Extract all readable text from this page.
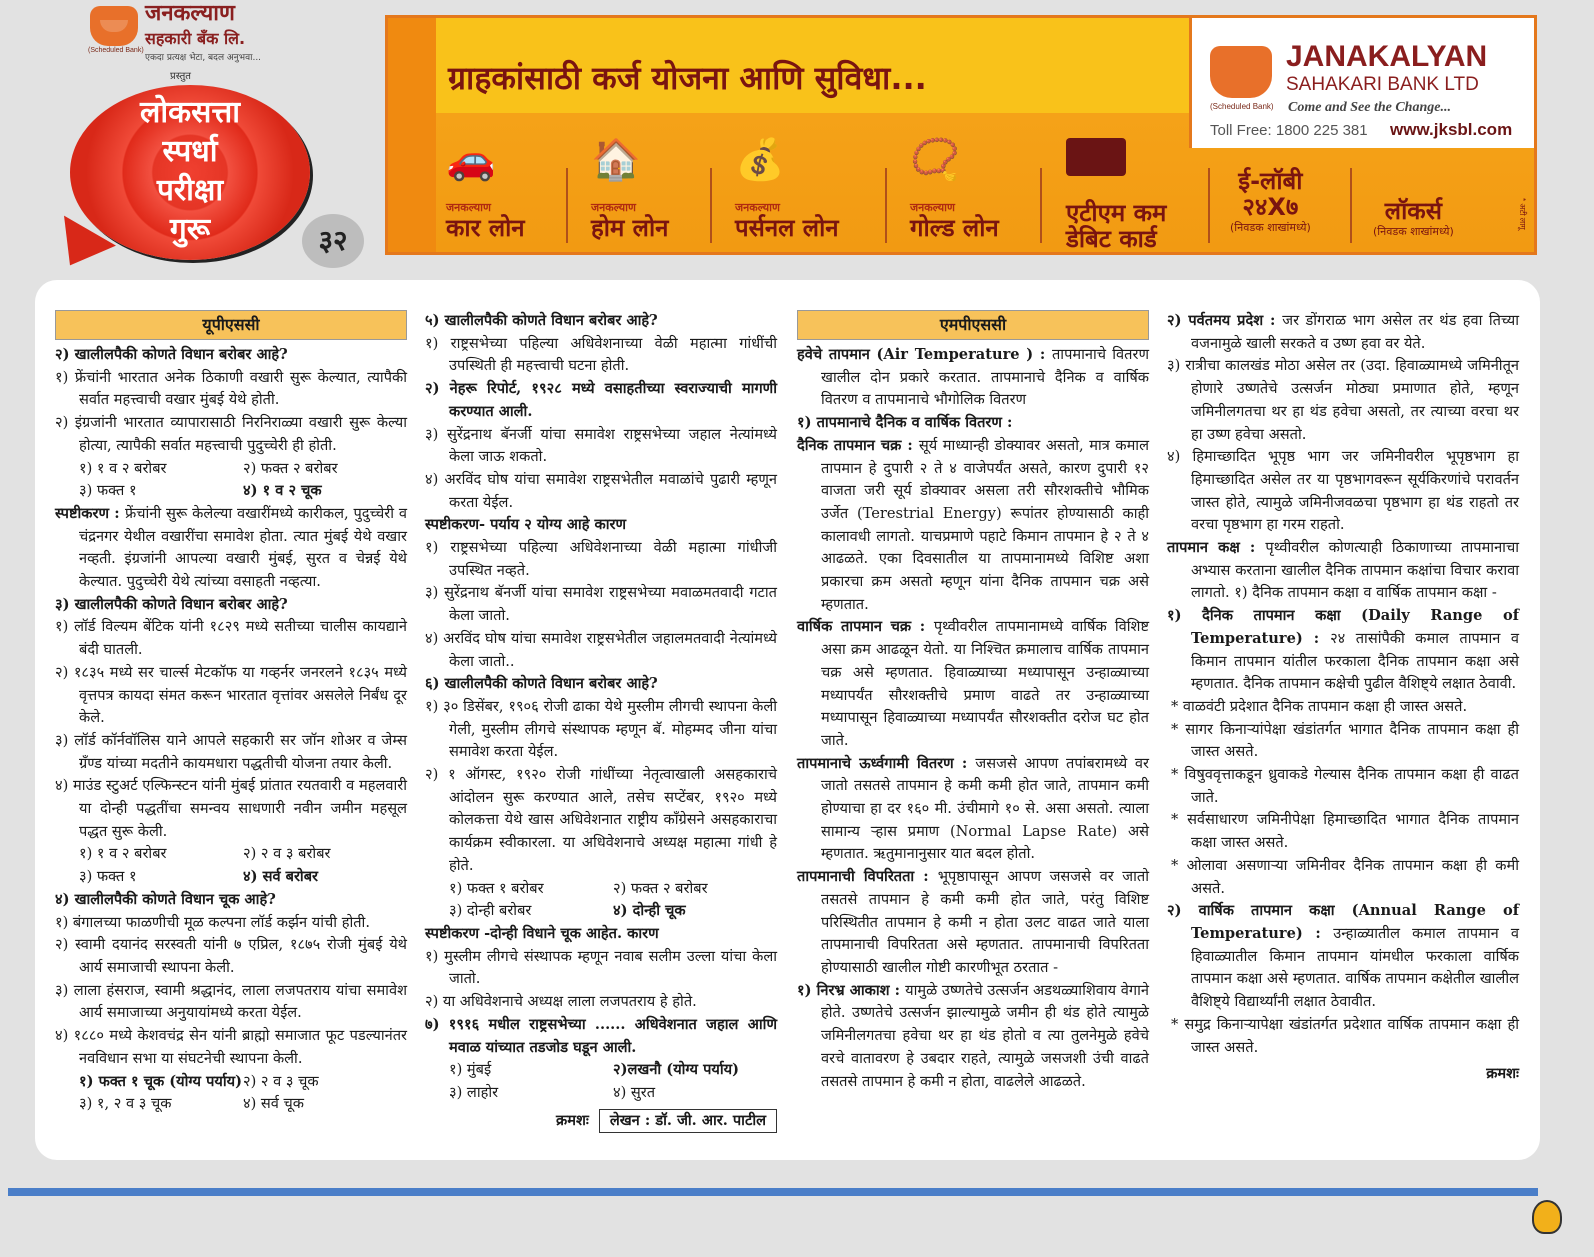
(Scheduled Bank)
जनकल्याण
सहकारी बँक लि.
एकदा प्रत्यक्ष भेटा, बदल अनुभवा...
प्रस्तुत
लोकसत्ता
स्पर्धा
परीक्षा
गुरू	३२
ग्राहकांसाठी कर्ज योजना आणि सुविधा...
(Scheduled Bank)
JANAKALYAN
SAHAKARI BANK LTD
Come and See the Change...
Toll Free: 1800 225 381 www.jksbl.com
🚗
जनकल्याण
कार लोन
🏠
जनकल्याण
होम लोन
💰
जनकल्याण
पर्सनल लोन
📿
जनकल्याण
गोल्ड लोन
एटीएम कम डेबिट कार्ड
ई-लॉबी
२४X७
(निवडक शाखांमध्ये)
लॉकर्स
(निवडक शाखांमध्ये)
* अटी लागू
यूपीएससी
२) खालीलपैकी कोणते विधान बरोबर आहे?
१) फ्रेंचांनी भारतात अनेक ठिकाणी वखारी सुरू केल्यात, त्यापैकी सर्वात महत्त्वाची वखार मुंबई येथे होती.
२) इंग्रजांनी भारतात व्यापारासाठी निरनिराळ्या वखारी सुरू केल्या होत्या, त्यापैकी सर्वात महत्त्वाची पुदुच्चेरी ही होती.
१) १ व २ बरोबर	२) फक्त २ बरोबर
३) फक्त १	४) १ व २ चूक
स्पष्टीकरण : फ्रेंचांनी सुरू केलेल्या वखारींमध्ये कारीकल, पुदुच्चेरी व चंद्रनगर येथील वखारींचा समावेश होता. त्यात मुंबई येथे वखार नव्हती. इंग्रजांनी आपल्या वखारी मुंबई, सुरत व चेन्नई येथे केल्यात. पुदुच्चेरी येथे त्यांच्या वसाहती नव्हत्या.
३) खालीलपैकी कोणते विधान बरोबर आहे?
१) लॉर्ड विल्यम बेंटिक यांनी १८२९ मध्ये सतीच्या चालीस कायद्याने बंदी घातली.
२) १८३५ मध्ये सर चार्ल्स मेटकॉफ या गव्हर्नर जनरलने १८३५ मध्ये वृत्तपत्र कायदा संमत करून भारतात वृत्तांवर असलेले निर्बंध दूर केले.
३) लॉर्ड कॉर्नवॉलिस याने आपले सहकारी सर जॉन शोअर व जेम्स ग्रँण्ड यांच्या मदतीने कायमधारा पद्धतीची योजना तयार केली.
४) माउंड स्टुअर्ट एल्फिन्स्टन यांनी मुंबई प्रांतात रयतवारी व महलवारी या दोन्ही पद्धतींचा समन्वय साधणारी नवीन जमीन महसूल पद्धत सुरू केली.
१) १ व २ बरोबर	२) २ व ३ बरोबर
३) फक्त १	४) सर्व बरोबर
४) खालीलपैकी कोणते विधान चूक आहे?
१) बंगालच्या फाळणीची मूळ कल्पना लॉर्ड कर्झन यांची होती.
२) स्वामी दयानंद सरस्वती यांनी ७ एप्रिल, १८७५ रोजी मुंबई येथे आर्य समाजाची स्थापना केली.
३) लाला हंसराज, स्वामी श्रद्धानंद, लाला लजपतराय यांचा समावेश आर्य समाजाच्या अनुयायांमध्ये करता येईल.
४) १८८० मध्ये केशवचंद्र सेन यांनी ब्राह्मो समाजात फूट पडल्यानंतर नवविधान सभा या संघटनेची स्थापना केली.
१) फक्त १ चूक (योग्य पर्याय) २) २ व ३ चूक
३) १, २ व ३ चूक	४) सर्व चूक
५) खालीलपैकी कोणते विधान बरोबर आहे?
१) राष्ट्रसभेच्या पहिल्या अधिवेशनाच्या वेळी महात्मा गांधींची उपस्थिती ही महत्त्वाची घटना होती.
२) नेहरू रिपोर्ट, १९२८ मध्ये वसाहतीच्या स्वराज्याची मागणी करण्यात आली.
३) सुरेंद्रनाथ बॅनर्जी यांचा समावेश राष्ट्रसभेच्या जहाल नेत्यांमध्ये केला जाऊ शकतो.
४) अरविंद घोष यांचा समावेश राष्ट्रसभेतील मवाळांचे पुढारी म्हणून करता येईल.
स्पष्टीकरण- पर्याय २ योग्य आहे कारण
१) राष्ट्रसभेच्या पहिल्या अधिवेशनाच्या वेळी महात्मा गांधीजी उपस्थित नव्हते.
३) सुरेंद्रनाथ बॅनर्जी यांचा समावेश राष्ट्रसभेच्या मवाळमतवादी गटात केला जातो.
४) अरविंद घोष यांचा समावेश राष्ट्रसभेतील जहालमतवादी नेत्यांमध्ये केला जातो..
६) खालीलपैकी कोणते विधान बरोबर आहे?
१) ३० डिसेंबर, १९०६ रोजी ढाका येथे मुस्लीम लीगची स्थापना केली गेली, मुस्लीम लीगचे संस्थापक म्हणून बॅ. मोहम्मद जीना यांचा समावेश करता येईल.
२) १ ऑगस्ट, १९२० रोजी गांधींच्या नेतृत्वाखाली असहकाराचे आंदोलन सुरू करण्यात आले, तसेच सप्टेंबर, १९२० मध्ये कोलकत्ता येथे खास अधिवेशनात राष्ट्रीय काँग्रेसने असहकाराचा कार्यक्रम स्वीकारला. या अधिवेशनाचे अध्यक्ष महात्मा गांधी हे होते.
१) फक्त १ बरोबर	२) फक्त २ बरोबर
३) दोन्ही बरोबर	४) दोन्ही चूक
स्पष्टीकरण -दोन्ही विधाने चूक आहेत. कारण
१) मुस्लीम लीगचे संस्थापक म्हणून नवाब सलीम उल्ला यांचा केला जातो.
२) या अधिवेशनाचे अध्यक्ष लाला लजपतराय हे होते.
७) १९१६ मधील राष्ट्रसभेच्या ...... अधिवेशनात जहाल आणि मवाळ यांच्यात तडजोड घडून आली.
१) मुंबई	२)लखनौ (योग्य पर्याय)
३) लाहोर	४) सुरत
क्रमशः	लेखन : डॉ. जी. आर. पाटील
एमपीएससी
हवेचे तापमान (Air Temperature ) : तापमानाचे वितरण खालील दोन प्रकारे करतात. तापमानाचे दैनिक व वार्षिक वितरण व तापमानाचे भौगोलिक वितरण
१) तापमानाचे दैनिक व वार्षिक वितरण :
दैनिक तापमान चक्र : सूर्य माध्यान्ही डोक्यावर असतो, मात्र कमाल तापमान हे दुपारी २ ते ४ वाजेपर्यंत असते, कारण दुपारी १२ वाजता जरी सूर्य डोक्यावर असला तरी सौरशक्तीचे भौमिक उर्जेत (Terestrial Energy) रूपांतर होण्यासाठी काही कालावधी लागतो. याचप्रमाणे पहाटे किमान तापमान हे २ ते ४ आढळते. एका दिवसातील या तापमानामध्ये विशिष्ट अशा प्रकारचा क्रम असतो म्हणून यांना दैनिक तापमान चक्र असे म्हणतात.
वार्षिक तापमान चक्र : पृथ्वीवरील तापमानामध्ये वार्षिक विशिष्ट असा क्रम आढळून येतो. या निश्चित क्रमालाच वार्षिक तापमान चक्र असे म्हणतात. हिवाळ्याच्या मध्यापासून उन्हाळ्याच्या मध्यापर्यंत सौरशक्तीचे प्रमाण वाढते तर उन्हाळ्याच्या मध्यापासून हिवाळ्याच्या मध्यापर्यंत सौरशक्तीत दरोज घट होत जाते.
तापमानाचे ऊर्ध्वगामी वितरण : जसजसे आपण तपांबरामध्ये वर जातो तसतसे तापमान हे कमी कमी होत जाते, तापमान कमी होण्याचा हा दर १६० मी. उंचीमागे १० से. असा असतो. त्याला सामान्य ऱ्हास प्रमाण (Normal Lapse Rate) असे म्हणतात. ऋतुमानानुसार यात बदल होतो.
तापमानाची विपरितता : भूपृष्ठापासून आपण जसजसे वर जातो तसतसे तापमान हे कमी कमी होत जाते, परंतु विशिष्ट परिस्थितीत तापमान हे कमी न होता उलट वाढत जाते याला तापमानाची विपरितता असे म्हणतात. तापमानाची विपरितता होण्यासाठी खालील गोष्टी कारणीभूत ठरतात -
१) निरभ्र आकाश : यामुळे उष्णतेचे उत्सर्जन अडथळ्याशिवाय वेगाने होते. उष्णतेचे उत्सर्जन झाल्यामुळे जमीन ही थंड होते त्यामुळे जमिनीलगतचा हवेचा थर हा थंड होतो व त्या तुलनेमुळे हवेचे वरचे वातावरण हे उबदार राहते, त्यामुळे जसजशी उंची वाढते तसतसे तापमान हे कमी न होता, वाढलेले आढळते.
२) पर्वतमय प्रदेश : जर डोंगराळ भाग असेल तर थंड हवा तिच्या वजनामुळे खाली सरकते व उष्ण हवा वर येते.
३) रात्रीचा कालखंड मोठा असेल तर (उदा. हिवाळ्यामध्ये जमिनीतून होणारे उष्णतेचे उत्सर्जन मोठ्या प्रमाणात होते, म्हणून जमिनीलगतचा थर हा थंड हवेचा असतो, तर त्याच्या वरचा थर हा उष्ण हवेचा असतो.
४) हिमाच्छादित भूपृष्ठ भाग जर जमिनीवरील भूपृष्ठभाग हा हिमाच्छादित असेल तर या पृष्ठभागवरून सूर्यकिरणांचे परावर्तन जास्त होते, त्यामुळे जमिनीजवळचा पृष्ठभाग हा थंड राहतो तर वरचा पृष्ठभाग हा गरम राहतो.
तापमान कक्ष : पृथ्वीवरील कोणत्याही ठिकाणाच्या तापमानाचा अभ्यास करताना खालील दैनिक तापमान कक्षांचा विचार करावा लागतो. १) दैनिक तापमान कक्षा व वार्षिक तापमान कक्षा -
१) दैनिक तापमान कक्षा (Daily Range of Temperature) : २४ तासांपैकी कमाल तापमान व किमान तापमान यांतील फरकाला दैनिक तापमान कक्षा असे म्हणतात. दैनिक तापमान कक्षेची पुढील वैशिष्ट्ये लक्षात ठेवावी.
* वाळवंटी प्रदेशात दैनिक तापमान कक्षा ही जास्त असते.
* सागर किनाऱ्यांपेक्षा खंडांतर्गत भागात दैनिक तापमान कक्षा ही जास्त असते.
* विषुववृत्ताकडून ध्रुवाकडे गेल्यास दैनिक तापमान कक्षा ही वाढत जाते.
* सर्वसाधारण जमिनीपेक्षा हिमाच्छादित भागात दैनिक तापमान कक्षा जास्त असते.
* ओलावा असणाऱ्या जमिनीवर दैनिक तापमान कक्षा ही कमी असते.
२) वार्षिक तापमान कक्षा (Annual Range of Temperature) : उन्हाळ्यातील कमाल तापमान व हिवाळ्यातील किमान तापमान यांमधील फरकाला वार्षिक तापमान कक्षा असे म्हणतात. वार्षिक तापमान कक्षेतील खालील वैशिष्ट्ये विद्यार्थ्यांनी लक्षात ठेवावीत.
* समुद्र किनाऱ्यापेक्षा खंडांतर्गत प्रदेशात वार्षिक तापमान कक्षा ही जास्त असते.
क्रमशः
